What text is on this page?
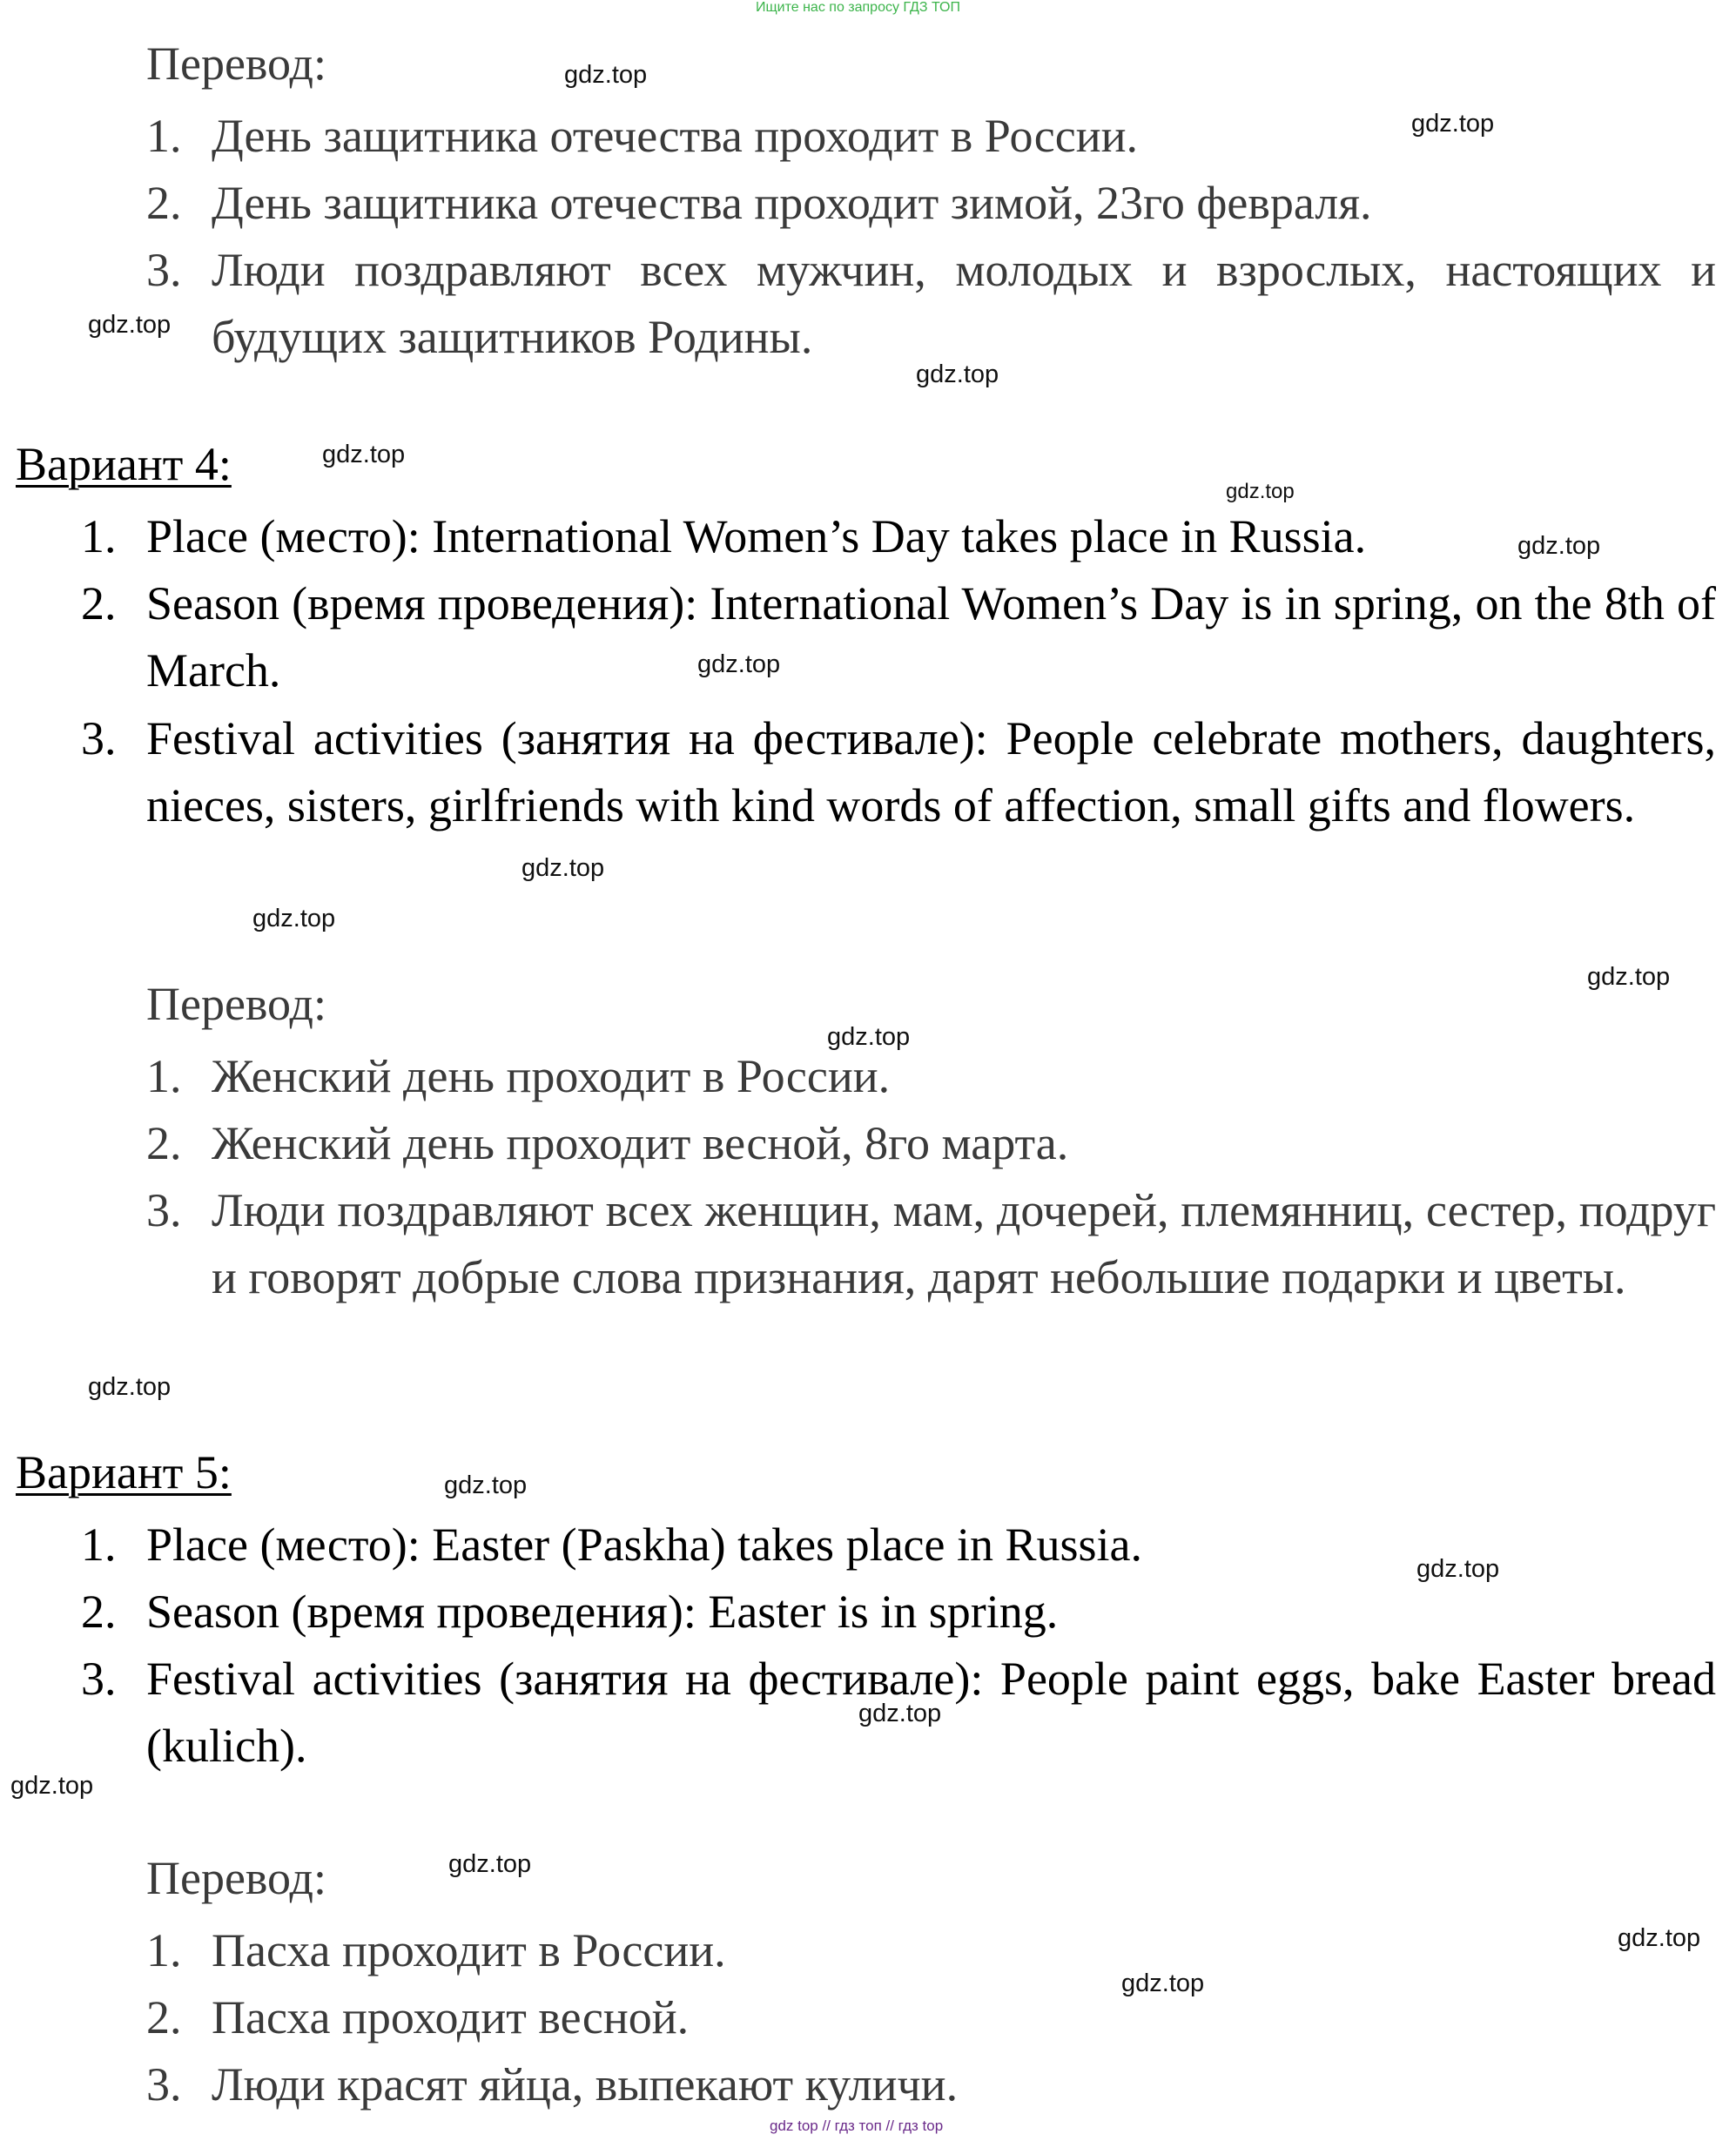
Ищите нас по запросу ГДЗ ТОП
gdz top // гдз топ // гдз top
Перевод:
1. День защитника отечества проходит в России.
2. День защитника отечества проходит зимой, 23го февраля.
3. Люди поздравляют всех мужчин, молодых и взрослых, настоящих и будущих защитников Родины.
Вариант 4:
1. Place (место): International Women’s Day takes place in Russia.
2. Season (время проведения): International Women’s Day is in spring, on the 8th of March.
3. Festival activities (занятия на фестивале): People celebrate mothers, daughters, nieces, sisters, girlfriends with kind words of affection, small gifts and flowers.
Перевод:
1. Женский день проходит в России.
2. Женский день проходит весной, 8го марта.
3. Люди поздравляют всех женщин, мам, дочерей, племянниц, сестер, подруг и говорят добрые слова признания, дарят небольшие подарки и цветы.
Вариант 5:
1. Place (место): Easter (Paskha) takes place in Russia.
2. Season (время проведения): Easter is in spring.
3. Festival activities (занятия на фестивале): People paint eggs, bake Easter bread (kulich).
Перевод:
1. Пасха проходит в России.
2. Пасха проходит весной.
3. Люди красят яйца, выпекают куличи.
gdz.top
gdz.top
gdz.top
gdz.top
gdz.top
gdz.top
gdz.top
gdz.top
gdz.top
gdz.top
gdz.top
gdz.top
gdz.top
gdz.top
gdz.top
gdz.top
gdz.top
gdz.top
gdz.top
gdz.top
